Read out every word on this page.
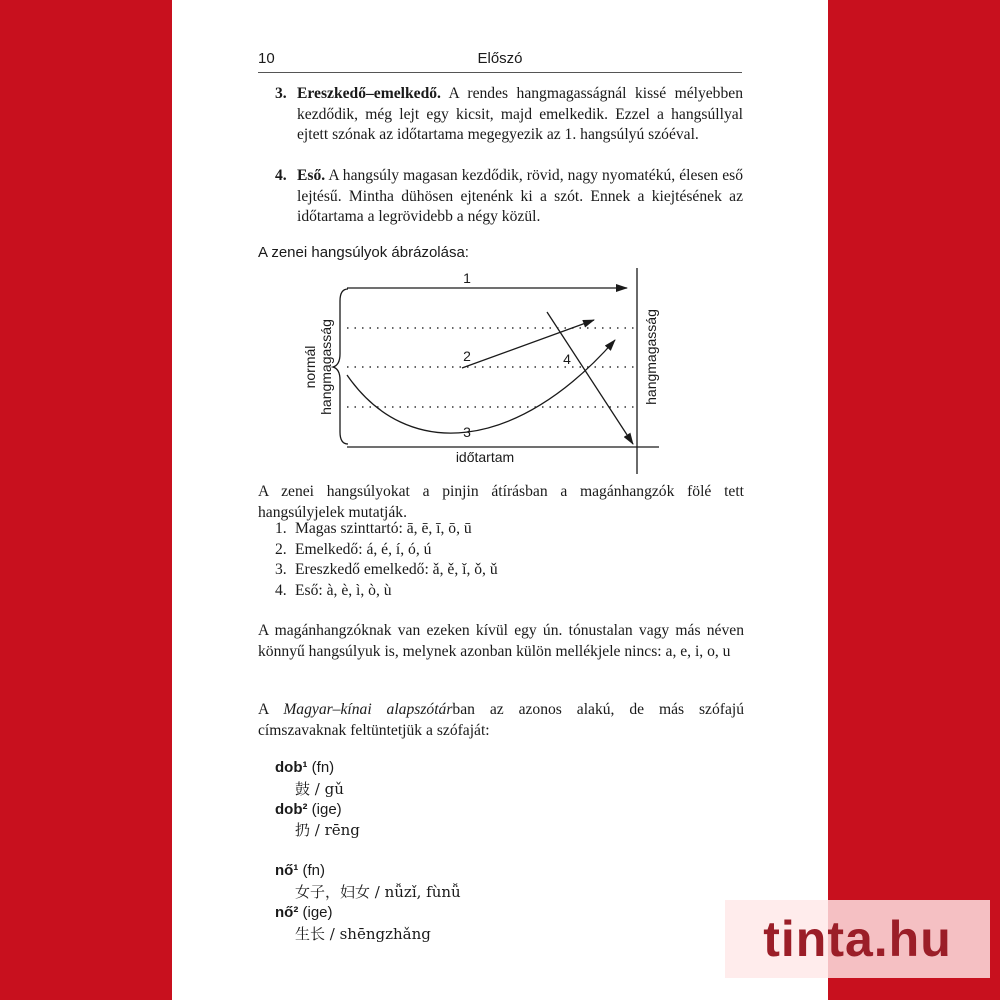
10	Előszó
3. Ereszkedő–emelkedő. A rendes hangmagasságnál kissé mélyebben kezdődik, még lejt egy kicsit, majd emelkedik. Ezzel a hangsúllyal ejtett szónak az időtartama megegyezik az 1. hangsúlyú szóéval.
4. Eső. A hangsúly magasan kezdődik, rövid, nagy nyomatékú, élesen eső lejtésű. Mintha dühösen ejtenénk ki a szót. Ennek a kiejtésének az időtartama a legrövidebb a négy közül.

A zenei hangsúlyok ábrázolása:

1
2
3
4
időtartam
normál hangmagasság	hangmagasság

A zenei hangsúlyokat a pinjin átírásban a magánhangzók fölé tett hangsúlyjelek mutatják.

1. Magas szinttartó: ā, ē, ī, ō, ū
2. Emelkedő: á, é, í, ó, ú
3. Ereszkedő emelkedő: ǎ, ě, ǐ, ǒ, ǔ
4. Eső: à, è, ì, ò, ù

A magánhangzóknak van ezeken kívül egy ún. tónustalan vagy más néven könnyű hangsúlyuk is, melynek azonban külön mellékjele nincs: a, e, i, o, u

A Magyar–kínai alapszótárban az azonos alakú, de más szófajú címszavaknak feltüntetjük a szófaját:

dob¹ (fn)
鼓 / gǔ
dob² (ige)
扔 / rēng
nő¹ (fn)
女子，妇女 / nǚzǐ, fùnǚ
nő² (ige)
生长 / shēngzhǎng	tinta.hu
